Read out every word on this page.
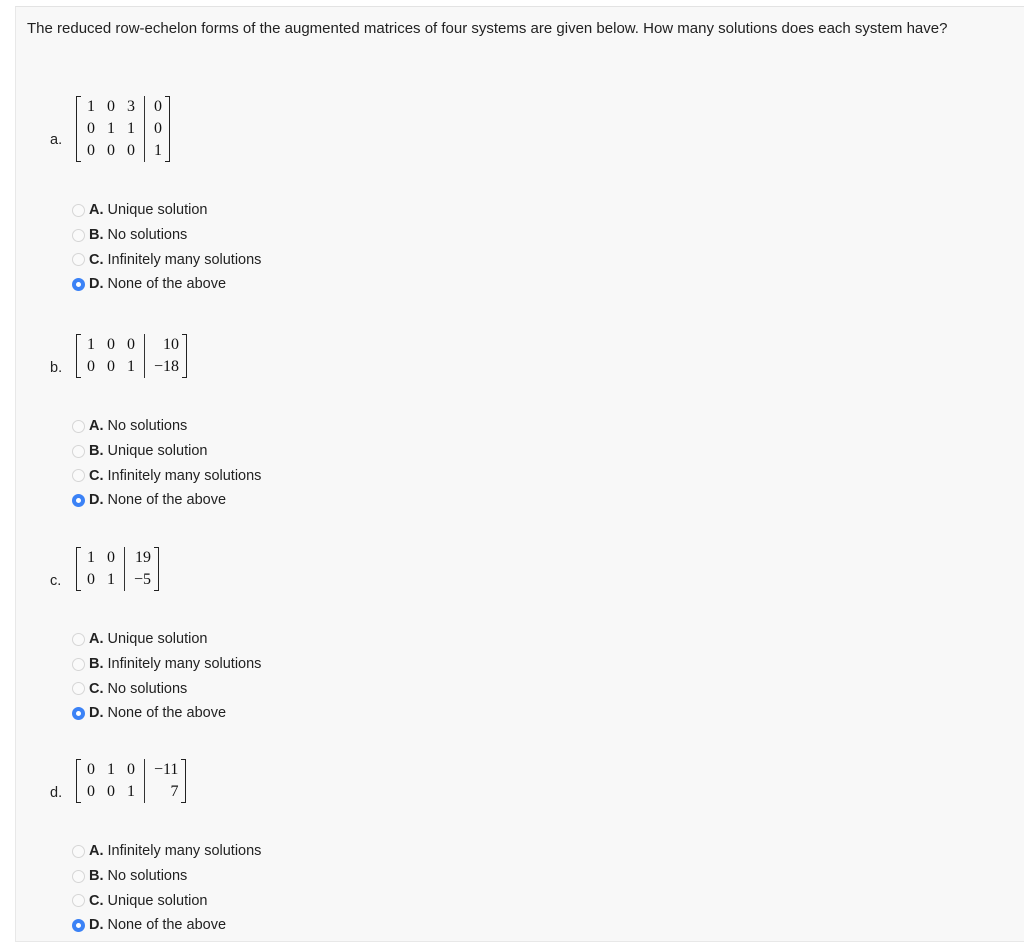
The reduced row-echelon forms of the augmented matrices of four systems are given below. How many solutions does each system have?
a.
1	0	3	0
0	1	1	0
0	0	0	1
A. Unique solution
B. No solutions
C. Infinitely many solutions
D. None of the above
b.
1	0	0	10
0	0	1	−18
A. No solutions
B. Unique solution
C. Infinitely many solutions
D. None of the above
c.
1	0	19
0	1	−5
A. Unique solution
B. Infinitely many solutions
C. No solutions
D. None of the above
d.
0	1	0	−11
0	0	1	7
A. Infinitely many solutions
B. No solutions
C. Unique solution
D. None of the above
